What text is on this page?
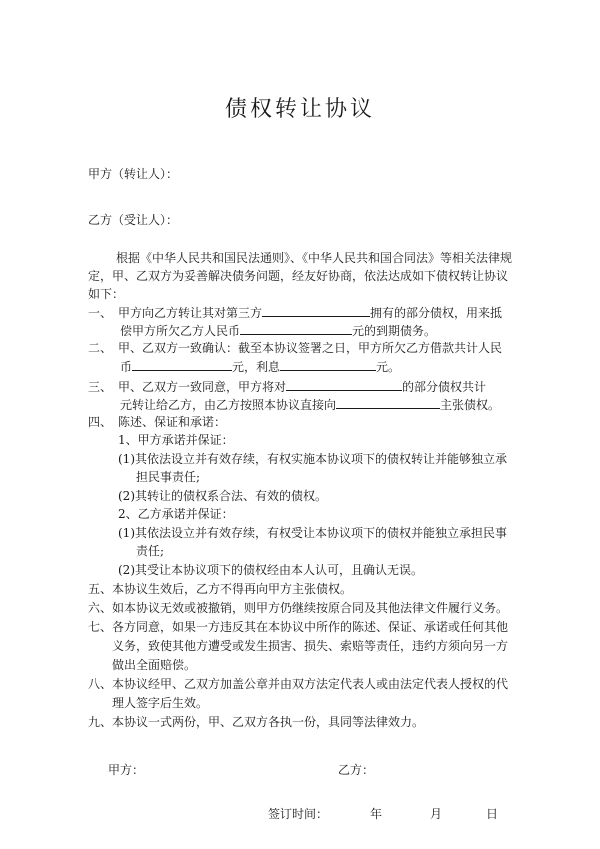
债权转让协议
甲方（转让人）：
乙方（受让人）：
根据《中华人民共和国民法通则》、《中华人民共和国合同法》等相关法律规
定，甲、乙双方为妥善解决债务问题，经友好协商，依法达成如下债权转让协议
如下：
一、 甲方向乙方转让其对第三方	拥有的部分债权，用来抵
偿甲方所欠乙方人民币	元的到期债务。
二、 甲、乙双方一致确认：截至本协议签署之日，甲方所欠乙方借款共计人民
币	元，利息	元。
三、 甲、乙双方一致同意，甲方将对	的部分债权共计
元转让给乙方，由乙方按照本协议直接向	主张债权。
四、 陈述、保证和承诺：
1、甲方承诺并保证：
(1)其依法设立并有效存续，有权实施本协议项下的债权转让并能够独立承
担民事责任;
(2)其转让的债权系合法、有效的债权。
2、乙方承诺并保证：
(1)其依法设立并有效存续，有权受让本协议项下的债权并能独立承担民事
责任;
(2)其受让本协议项下的债权经由本人认可，且确认无误。
五、本协议生效后，乙方不得再向甲方主张债权。
六、如本协议无效或被撤销，则甲方仍继续按原合同及其他法律文件履行义务。
七、各方同意，如果一方违反其在本协议中所作的陈述、保证、承诺或任何其他
义务，致使其他方遭受或发生损害、损失、索赔等责任，违约方须向另一方
做出全面赔偿。
八、本协议经甲、乙双方加盖公章并由双方法定代表人或由法定代表人授权的代
理人签字后生效。
九、本协议一式两份，甲、乙双方各执一份，具同等法律效力。
甲方：	乙方：
签订时间：	年	月	日
